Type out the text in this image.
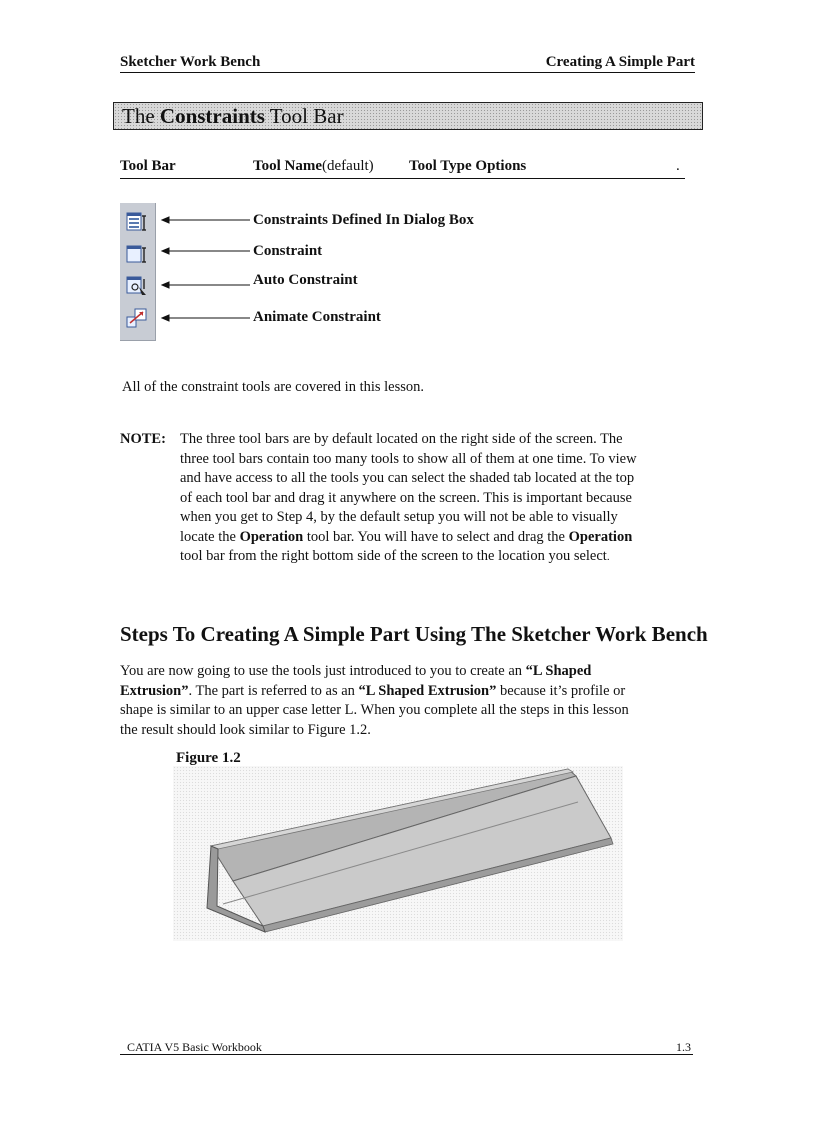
Sketcher Work Bench	Creating A Simple Part
The Constraints Tool Bar
Tool Bar	Tool Name (default) Tool Type Options	.
Constraints Defined In Dialog Box
Constraint
Auto Constraint
Animate Constraint
All of the constraint tools are covered in this lesson.
NOTE: The three tool bars are by default located on the right side of the screen. The

three tool bars contain too many tools to show all of them at one time. To view

and have access to all the tools you can select the shaded tab located at the top

of each tool bar and drag it anywhere on the screen. This is important because

when you get to Step 4, by the default setup you will not be able to visually

locate the Operation tool bar. You will have to select and drag the Operation

tool bar from the right bottom side of the screen to the location you select.

Steps To Creating A Simple Part Using The Sketcher Work Bench

You are now going to use the tools just introduced to you to create an “L Shaped

Extrusion”. The part is referred to as an “L Shaped Extrusion” because it’s profile or

shape is similar to an upper case letter L. When you complete all the steps in this lesson

the result should look similar to Figure 1.2.

Figure 1.2
CATIA V5 Basic Workbook	1.3
